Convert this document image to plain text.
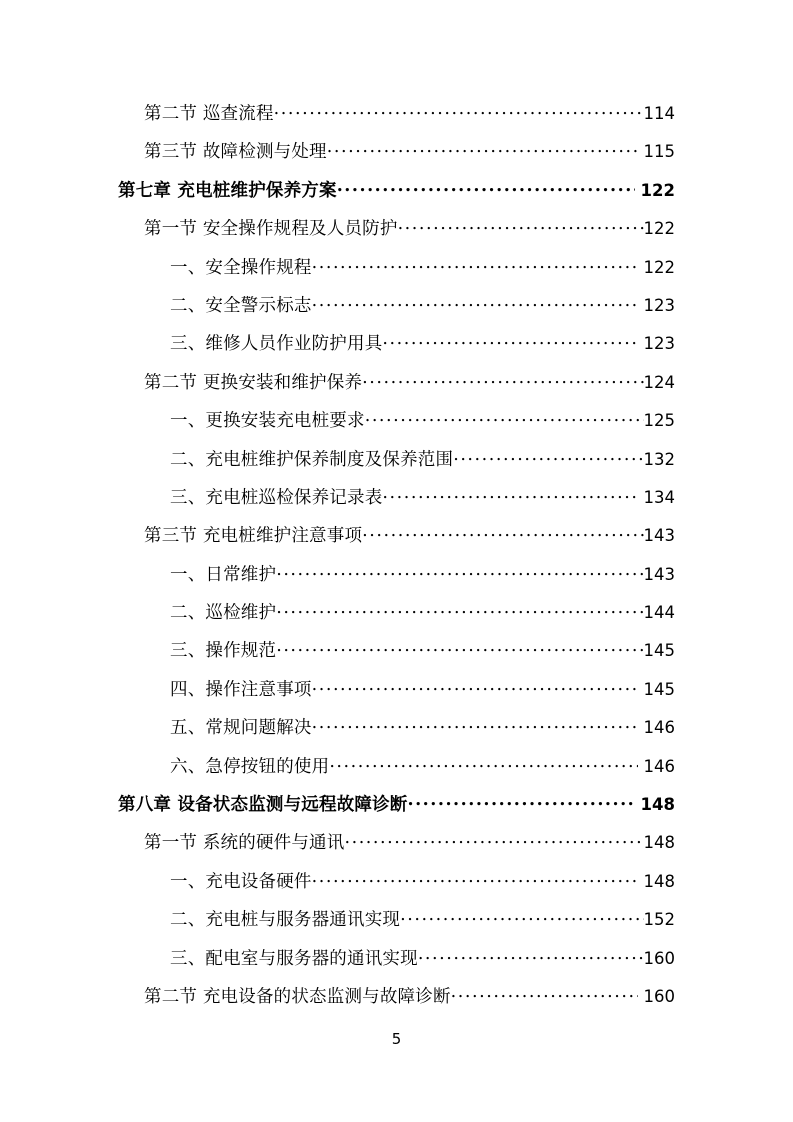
第二节 巡查流程 .....	114
第三节 故障检测与处理 .....	115
第七章 充电桩维护保养方案 .....	122
第一节 安全操作规程及人员防护 .....	122
一、安全操作规程 .....	122
二、安全警示标志 .....	123
三、维修人员作业防护用具 .....	123
第二节 更换安装和维护保养 .....	124
一、更换安装充电桩要求 .....	125
二、充电桩维护保养制度及保养范围 .....	132
三、充电桩巡检保养记录表 .....	134
第三节 充电桩维护注意事项 .....	143
一、日常维护 .....	143
二、巡检维护 .....	144
三、操作规范 .....	145
四、操作注意事项 .....	145
五、常规问题解决 .....	146
六、急停按钮的使用 .....	146
第八章 设备状态监测与远程故障诊断 .....	148
第一节 系统的硬件与通讯 .....	148
一、充电设备硬件 .....	148
二、充电桩与服务器通讯实现 .....	152
三、配电室与服务器的通讯实现 .....	160
第二节 充电设备的状态监测与故障诊断 .....	160
5
